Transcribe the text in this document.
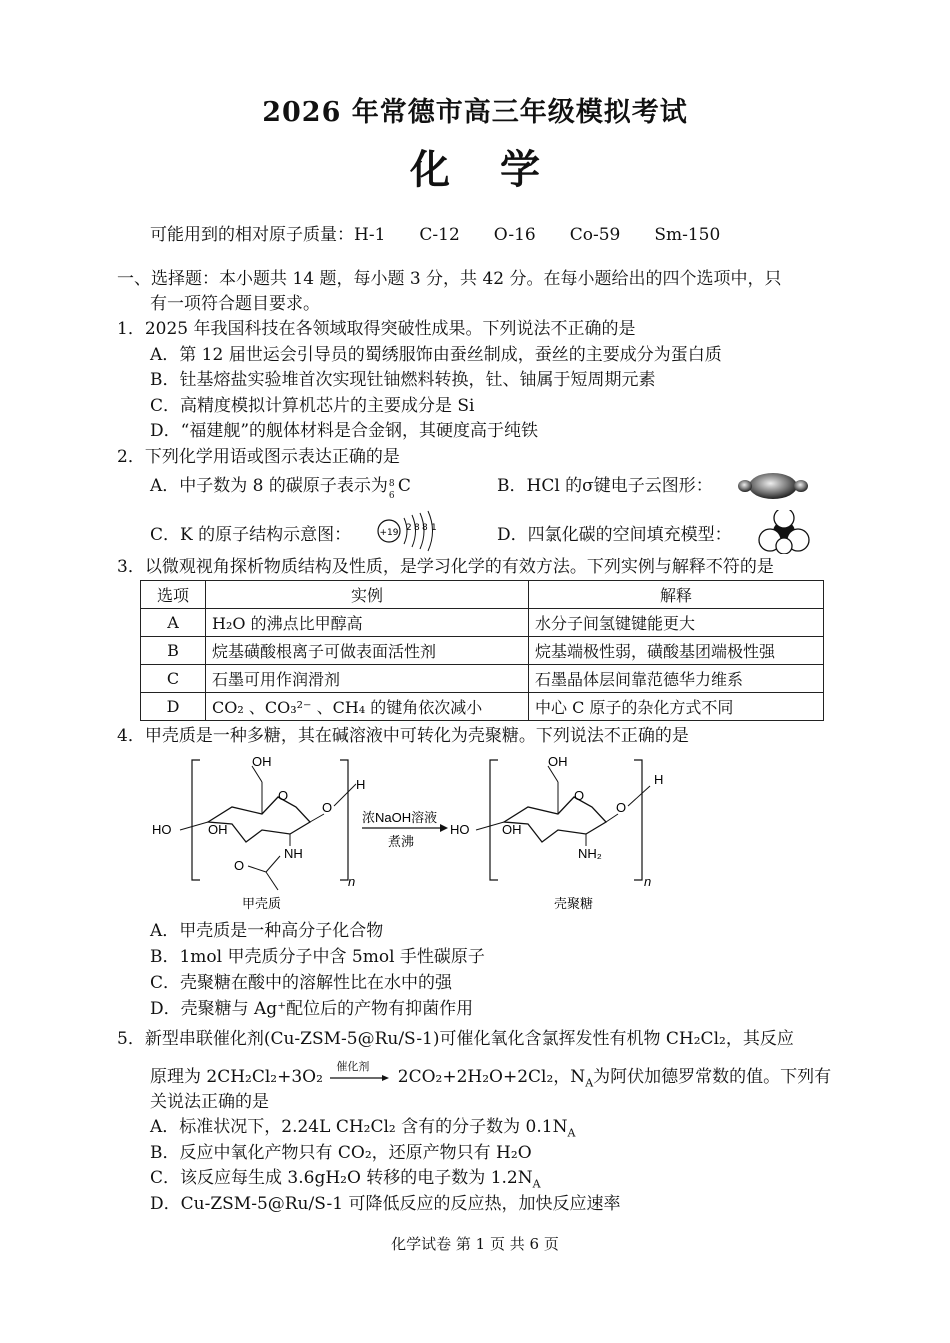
2026 年常德市高三年级模拟考试
化学
可能用到的相对原子质量：H-1 C-12 O-16 Co-59 Sm-150
一、选择题：本小题共 14 题，每小题 3 分，共 42 分。在每小题给出的四个选项中，只
有一项符合题目要求。
1．2025 年我国科技在各领域取得突破性成果。下列说法不正确的是
A．第 12 届世运会引导员的蜀绣服饰由蚕丝制成，蚕丝的主要成分为蛋白质
B．钍基熔盐实验堆首次实现钍铀燃料转换，钍、铀属于短周期元素
C．高精度模拟计算机芯片的主要成分是 Si
D．“福建舰”的舰体材料是合金钢，其硬度高于纯铁
2．下列化学用语或图示表达正确的是
A．中子数为 8 的碳原子表示为 8
6 C	B．HCl 的σ键电子云图形：
C．K 的原子结构示意图：	+19 2 8 8 1	D．四氯化碳的空间填充模型：
3．以微观视角探析物质结构及性质，是学习化学的有效方法。下列实例与解释不符的是
选项	实例	解释
A	H₂O 的沸点比甲醇高	水分子间氢键键能更大
B	烷基磺酸根离子可做表面活性剂	烷基端极性弱，磺酸基团端极性强
C	石墨可用作润滑剂	石墨晶体层间靠范德华力维系
D	CO₂ 、CO₃²⁻ 、CH₄ 的键角依次减小	中心 C 原子的杂化方式不同
4．甲壳质是一种多糖，其在碱溶液中可转化为壳聚糖。下列说法不正确的是
OH
O
O
H
HO	OH
NH
O
n
甲壳质
浓NaOH溶液
煮沸
HO
OH
O
O
H
OH
NH₂
n
壳聚糖
A．甲壳质是一种高分子化合物
B．1mol 甲壳质分子中含 5mol 手性碳原子
C．壳聚糖在酸中的溶解性比在水中的强
D．壳聚糖与 Ag⁺配位后的产物有抑菌作用
5．新型串联催化剂(Cu-ZSM-5@Ru/S-1)可催化氧化含氯挥发性有机物 CH₂Cl₂，其反应
原理为 2CH₂Cl₂+3O₂
催化剂
2CO₂+2H₂O+2Cl₂，$N_A$为阿伏加德罗常数的值。下列有
关说法正确的是
A．标准状况下，2.24L CH₂Cl₂ 含有的分子数为 $0.1N_A$
B．反应中氧化产物只有 CO₂，还原产物只有 H₂O
C．该反应每生成 3.6gH₂O 转移的电子数为 $1.2N_A$
D．Cu-ZSM-5@Ru/S-1 可降低反应的反应热，加快反应速率
化学试卷 第 1 页 共 6 页
